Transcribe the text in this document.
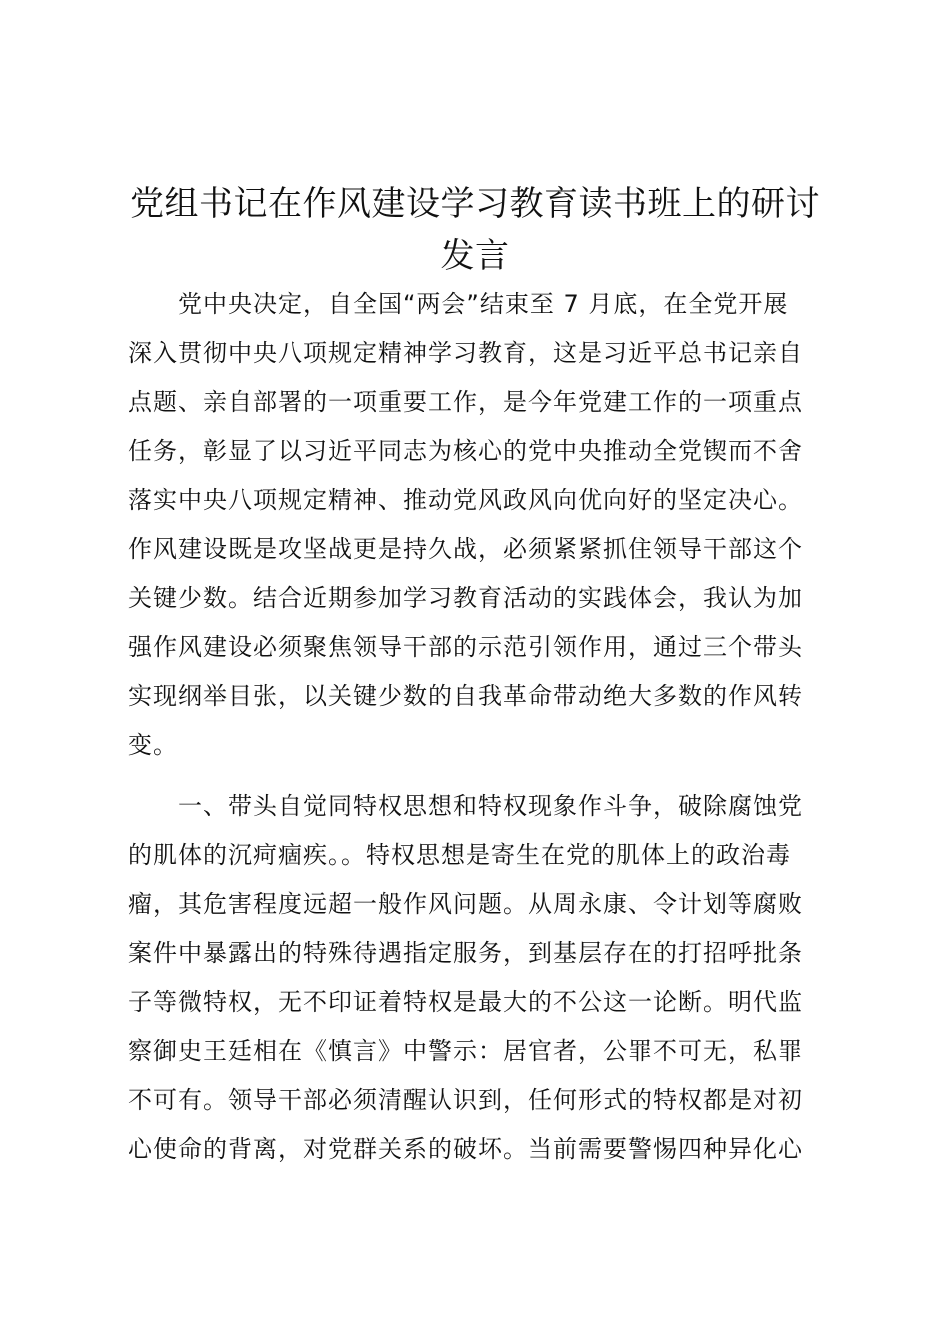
党组书记在作风建设学习教育读书班上的研讨
发言
　　党中央决定，自全国“两会”结束至 7 月底，在全党开展
深入贯彻中央八项规定精神学习教育，这是习近平总书记亲自
点题、亲自部署的一项重要工作，是今年党建工作的一项重点
任务，彰显了以习近平同志为核心的党中央推动全党锲而不舍
落实中央八项规定精神、推动党风政风向优向好的坚定决心。
作风建设既是攻坚战更是持久战，必须紧紧抓住领导干部这个
关键少数。结合近期参加学习教育活动的实践体会，我认为加
强作风建设必须聚焦领导干部的示范引领作用，通过三个带头
实现纲举目张，以关键少数的自我革命带动绝大多数的作风转
变。
　　一、带头自觉同特权思想和特权现象作斗争，破除腐蚀党
的肌体的沉疴痼疾。。特权思想是寄生在党的肌体上的政治毒
瘤，其危害程度远超一般作风问题。从周永康、令计划等腐败
案件中暴露出的特殊待遇指定服务，到基层存在的打招呼批条
子等微特权，无不印证着特权是最大的不公这一论断。明代监
察御史王廷相在《慎言》中警示：居官者，公罪不可无，私罪
不可有。领导干部必须清醒认识到，任何形式的特权都是对初
心使命的背离，对党群关系的破坏。当前需要警惕四种异化心
